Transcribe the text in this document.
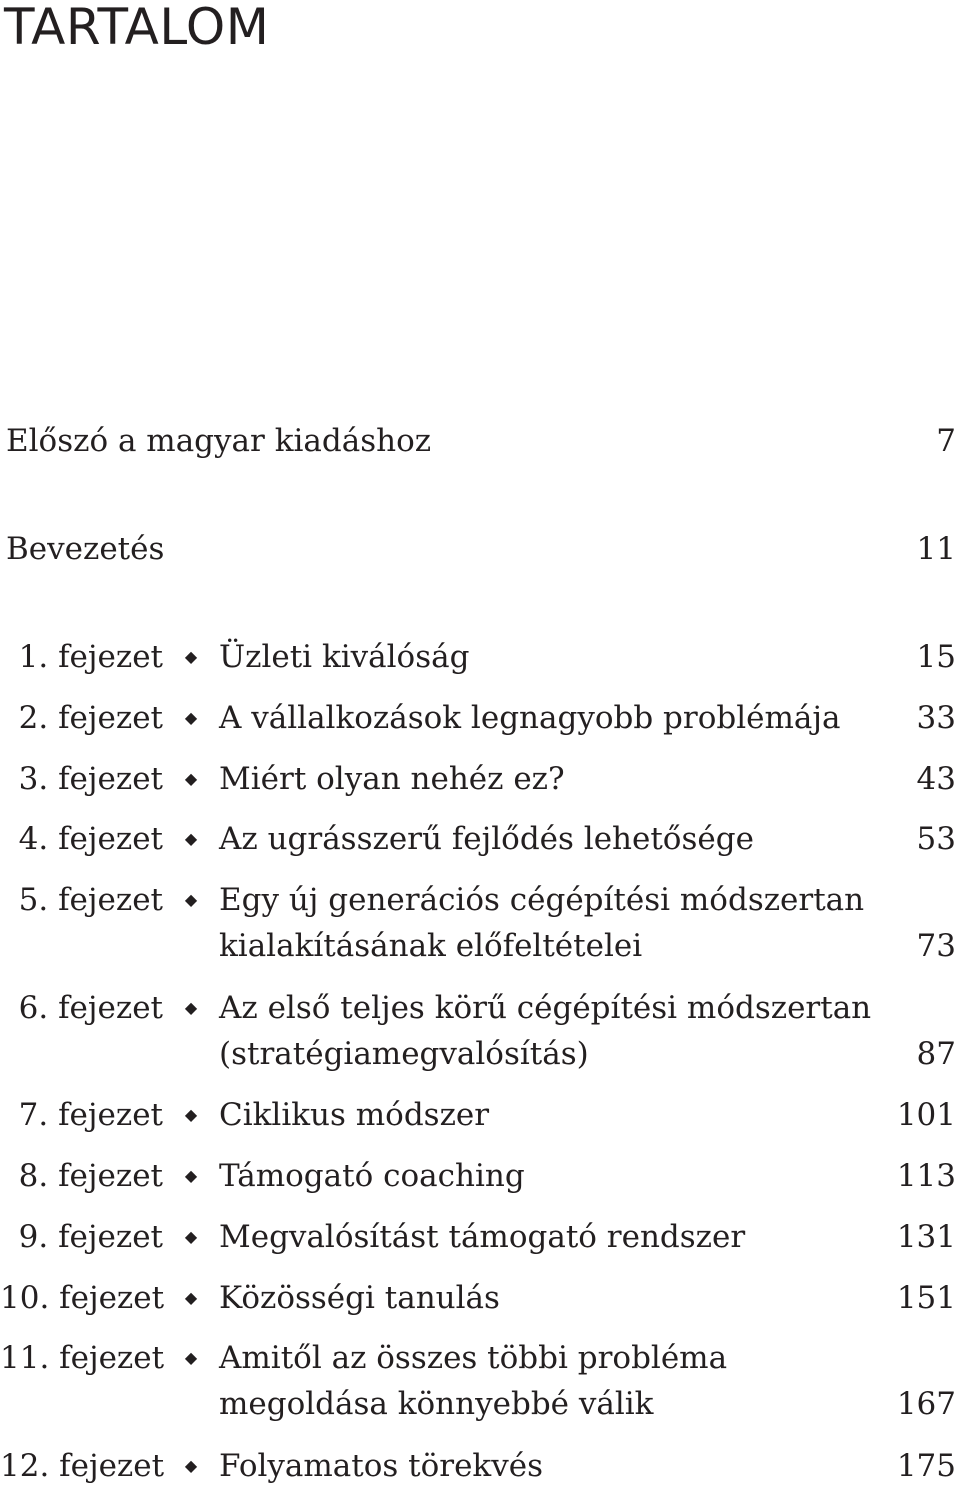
TARTALOM
Előszó a magyar kiadáshoz	7
Bevezetés	11
1. fejezet	◆ Üzleti kiválóság	15
2. fejezet	◆ A vállalkozások legnagyobb problémája	33
3. fejezet	◆ Miért olyan nehéz ez?	43
4. fejezet	◆ Az ugrásszerű fejlődés lehetősége	53
5. fejezet	◆ Egy új generációs cégépítési módszertan
kialakításának előfeltételei	73
6. fejezet	◆ Az első teljes körű cégépítési módszertan
(stratégiamegvalósítás)	87
7. fejezet	◆ Ciklikus módszer	101
8. fejezet	◆ Támogató coaching	113
9. fejezet	◆ Megvalósítást támogató rendszer	131
10. fejezet	◆ Közösségi tanulás	151
11. fejezet	◆ Amitől az összes többi probléma
megoldása könnyebbé válik	167
12. fejezet	◆ Folyamatos törekvés	175
